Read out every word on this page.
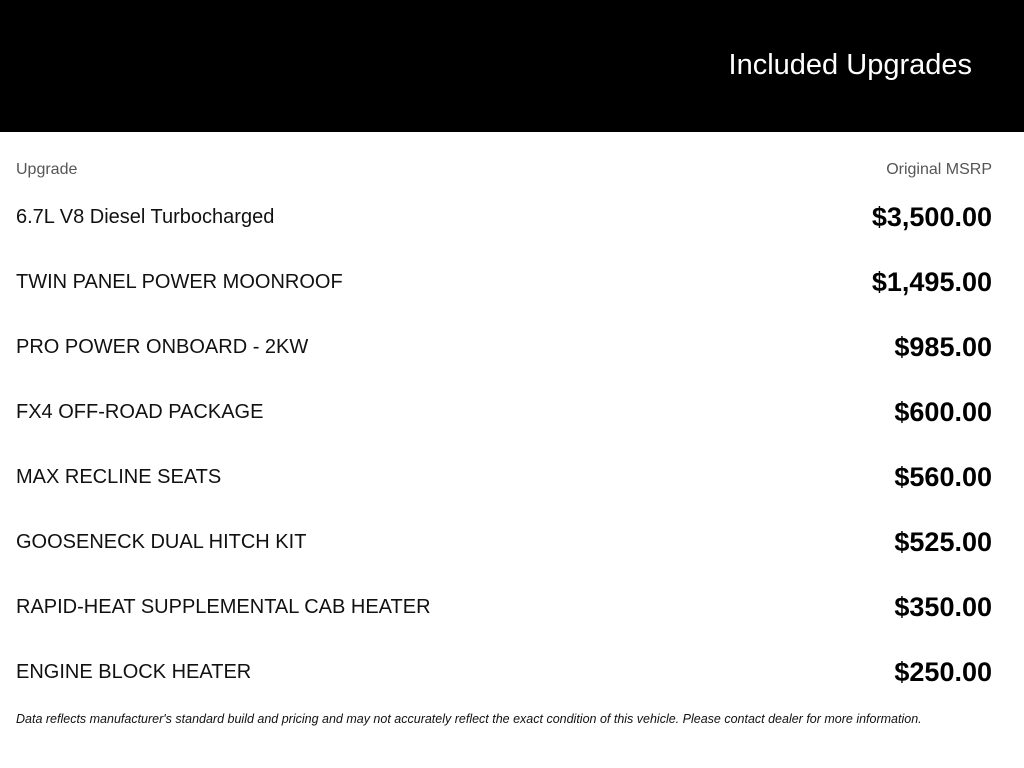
Included Upgrades
Upgrade	Original MSRP
6.7L V8 Diesel Turbocharged	$3,500.00
TWIN PANEL POWER MOONROOF	$1,495.00
PRO POWER ONBOARD - 2KW	$985.00
FX4 OFF-ROAD PACKAGE	$600.00
MAX RECLINE SEATS	$560.00
GOOSENECK DUAL HITCH KIT	$525.00
RAPID-HEAT SUPPLEMENTAL CAB HEATER	$350.00
ENGINE BLOCK HEATER	$250.00

Data reflects manufacturer's standard build and pricing and may not accurately reflect the exact condition of this vehicle. Please contact dealer for more information.
